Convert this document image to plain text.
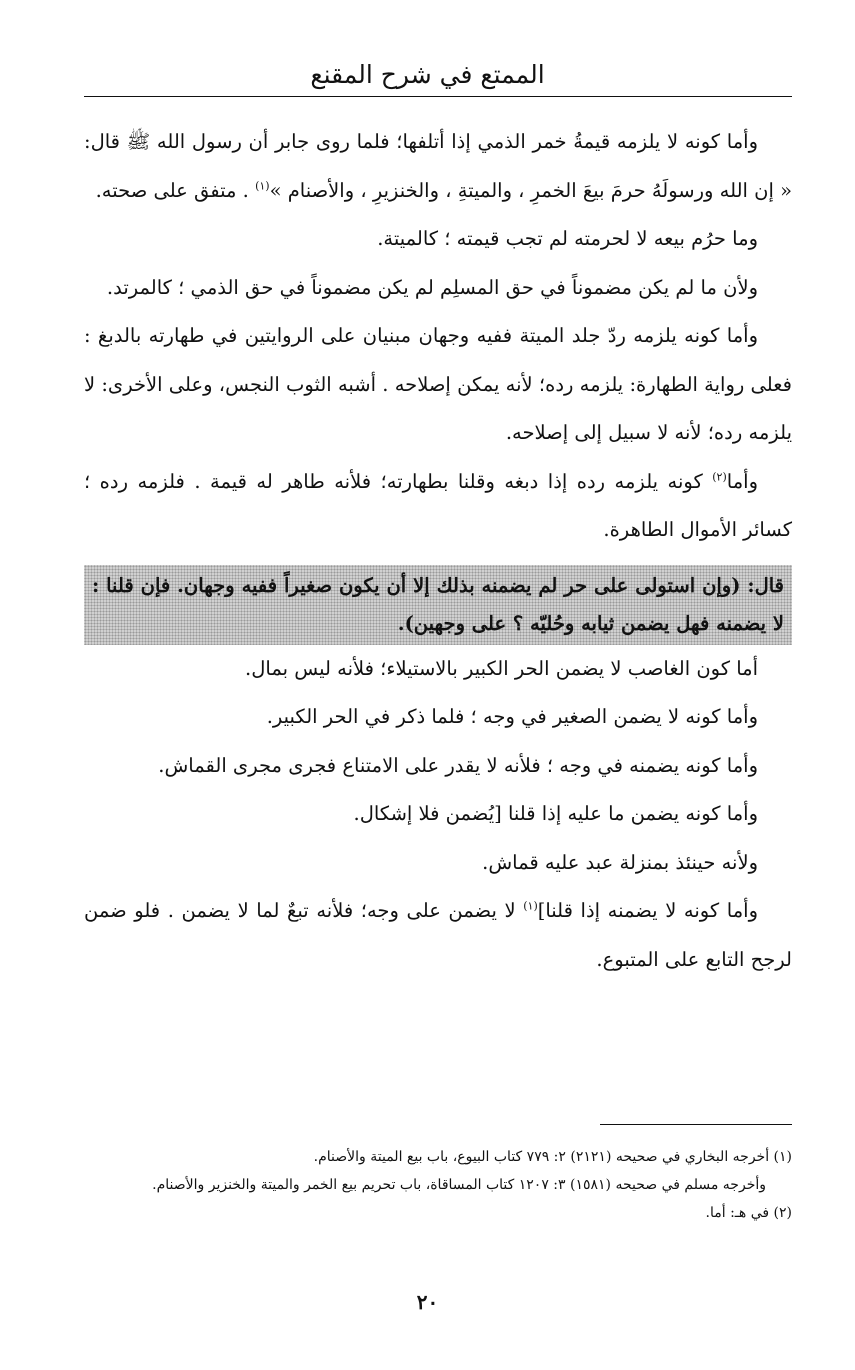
الممتع في شرح المقنع

وأما كونه لا يلزمه قيمةُ خمر الذمي إذا أتلفها؛ فلما روى جابر أن رسول الله ﷺ قال: « إن الله ورسولَهُ حرمَ بيعَ الخمرِ ، والميتةِ ، والخنزيرِ ، والأصنام »$^{(١)}$ . متفق على صحته.

وما حرُم بيعه لا لحرمته لم تجب قيمته ؛ كالميتة.

ولأن ما لم يكن مضموناً في حق المسلِم لم يكن مضموناً في حق الذمي ؛ كالمرتد.

وأما كونه يلزمه ردّ جلد الميتة ففيه وجهان مبنيان على الروايتين في طهارته بالدبغ : فعلى رواية الطهارة: يلزمه رده؛ لأنه يمكن إصلاحه . أشبه الثوب النجس، وعلى الأخرى: لا يلزمه رده؛ لأنه لا سبيل إلى إصلاحه.

وأما$^{(٢)}$ كونه يلزمه رده إذا دبغه وقلنا بطهارته؛ فلأنه طاهر له قيمة . فلزمه رده ؛ كسائر الأموال الطاهرة.

قال: (وإن استولى على حر لم يضمنه بذلك إلا أن يكون صغيراً ففيه وجهان. فإن قلنا : لا يضمنه فهل يضمن ثيابه وحُليّه ؟ على وجهين).

أما كون الغاصب لا يضمن الحر الكبير بالاستيلاء؛ فلأنه ليس بمال.

وأما كونه لا يضمن الصغير في وجه ؛ فلما ذكر في الحر الكبير.

وأما كونه يضمنه في وجه ؛ فلأنه لا يقدر على الامتناع فجرى مجرى القماش.

وأما كونه يضمن ما عليه إذا قلنا [يُضمن فلا إشكال.

ولأنه حينئذ بمنزلة عبد عليه قماش.

وأما كونه لا يضمنه إذا قلنا]$^{(١)}$ لا يضمن على وجه؛ فلأنه تبعٌ لما لا يضمن . فلو ضمن لرجح التابع على المتبوع.

(١) أخرجه البخاري في صحيحه (٢١٢١) ٢: ٧٧٩ كتاب البيوع، باب بيع الميتة والأصنام.

وأخرجه مسلم في صحيحه (١٥٨١) ٣: ١٢٠٧ كتاب المساقاة، باب تحريم بيع الخمر والميتة والخنزير والأصنام.

(٢) في هـ: أما.

٢٠
